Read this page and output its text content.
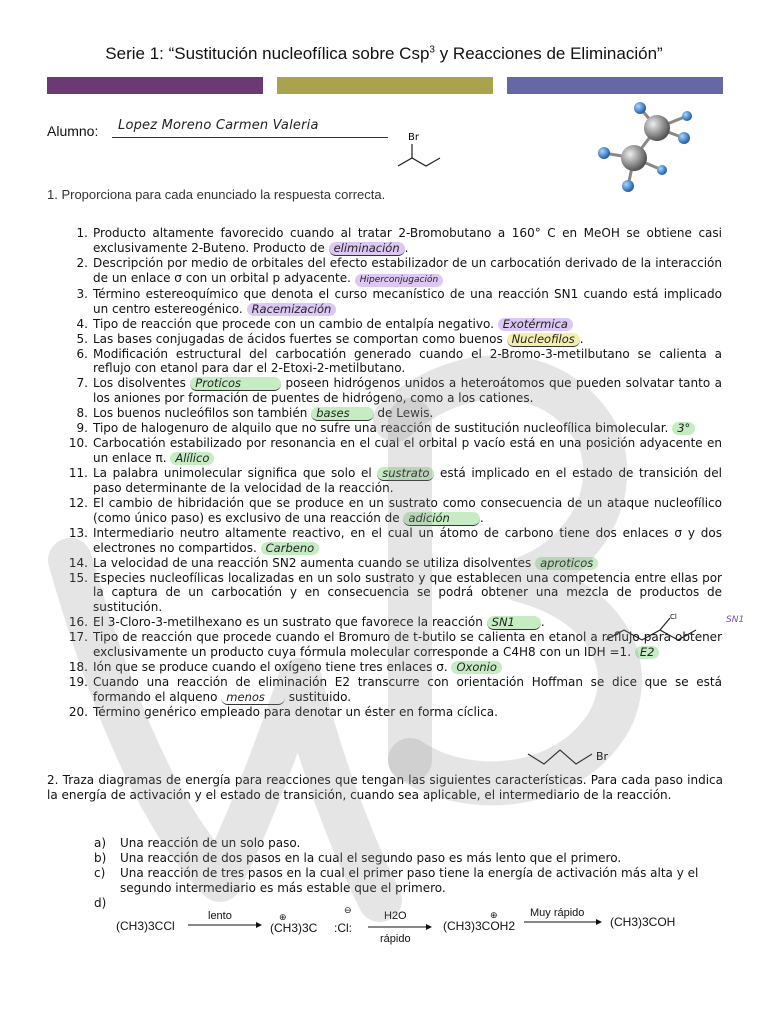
Serie 1: “Sustitución nucleofílica sobre Csp$^3$ y Reacciones de Eliminación”
Alumno: Lopez Moreno Carmen Valeria
Br
1. Proporciona para cada enunciado la respuesta correcta.
1. Producto altamente favorecido cuando al tratar 2-Bromobutano a 160° C en MeOH se obtiene casi exclusivamente 2-Buteno. Producto de eliminación .
2. Descripción por medio de orbitales del efecto estabilizador de un carbocatión derivado de la interacción de un enlace σ con un orbital p adyacente. Hiperconjugación
3. Término estereoquímico que denota el curso mecanístico de una reacción SN1 cuando está implicado un centro estereogénico. Racemización
4. Tipo de reacción que procede con un cambio de entalpía negativo. Exotérmica
5. Las bases conjugadas de ácidos fuertes se comportan como buenos Nucleofilos .
6. Modificación estructural del carbocatión generado cuando el 2-Bromo-3-metilbutano se calienta a reflujo con etanol para dar el 2-Etoxi-2-metilbutano.
7. Los disolventes Proticos	poseen hidrógenos unidos a heteroátomos que pueden solvatar tanto a los aniones por formación de puentes de hidrógeno, como a los cationes.
8. Los buenos nucleófilos son también bases de Lewis.
9. Tipo de halogenuro de alquilo que no sufre una reacción de sustitución nucleofílica bimolecular. 3°
10. Carbocatión estabilizado por resonancia en el cual el orbital p vacío está en una posición adyacente en un enlace π. Alílico
11. La palabra unimolecular significa que solo el sustrato está implicado en el estado de transición del paso determinante de la velocidad de la reacción.
12. El cambio de hibridación que se produce en un sustrato como consecuencia de un ataque nucleofílico (como único paso) es exclusivo de una reacción de adición	.
13. Intermediario neutro altamente reactivo, en el cual un átomo de carbono tiene dos enlaces σ y dos electrones no compartidos. Carbeno
14. La velocidad de una reacción SN2 aumenta cuando se utiliza disolventes aproticos
15. Especies nucleofílicas localizadas en un solo sustrato y que establecen una competencia entre ellas por la captura de un carbocatión y en consecuencia se podrá obtener una mezcla de productos de sustitución.
16. El 3-Cloro-3-metilhexano es un sustrato que favorece la reacción SN1 .
17. Tipo de reacción que procede cuando el Bromuro de t-butilo se calienta en etanol a reflujo para obtener exclusivamente un producto cuya fórmula molecular corresponde a C4H8 con un IDH =1. E2
18. Ión que se produce cuando el oxígeno tiene tres enlaces σ. Oxonio
19. Cuando una reacción de eliminación E2 transcurre con orientación Hoffman se dice que se está formando el alqueno menos sustituido.
20. Término genérico empleado para denotar un éster en forma cíclica.
Cl	SN1
Br
2. Traza diagramas de energía para reacciones que tengan las siguientes características. Para cada paso indica la energía de activación y el estado de transición, cuando sea aplicable, el intermediario de la reacción.
a) Una reacción de un solo paso.
b) Una reacción de dos pasos en la cual el segundo paso es más lento que el primero.
c) Una reacción de tres pasos en la cual el primer paso tiene la energía de activación más alta y el segundo intermediario es más estable que el primero.
d)
(CH3)3CCl
lento
(CH3)3C
⊕
:Cl:
⊖	H2O
rápido
(CH3)3COH2
⊕	Muy rápido
(CH3)3COH
